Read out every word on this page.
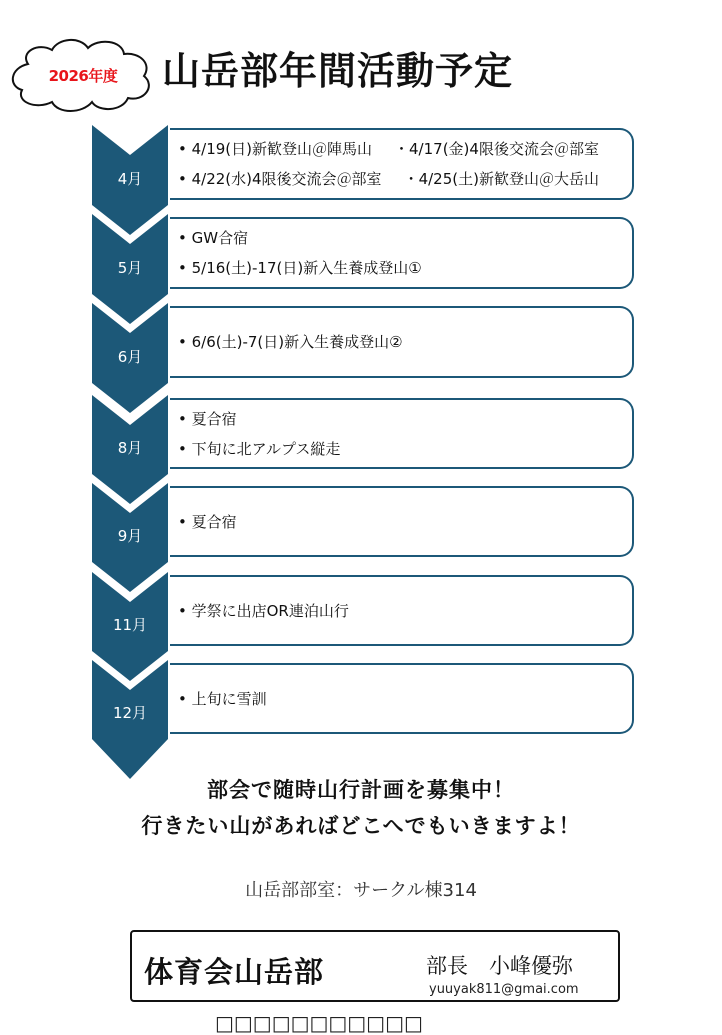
2026年度	山岳部年間活動予定
• 4/19(日)新歓登山＠陣馬山 ・4/17(金)4限後交流会＠部室
• 4/22(水)4限後交流会＠部室 ・4/25(土)新歓登山＠大岳山
• GW合宿
• 5/16(土)-17(日)新入生養成登山①
• 6/6(土)-7(日)新入生養成登山②
• 夏合宿
• 下旬に北アルプス縦走
• 夏合宿
• 学祭に出店OR連泊山行
• 上旬に雪訓
部会で随時山行計画を募集中！
行きたい山があればどこへでもいきますよ！
山岳部部室：サークル棟314
体育会山岳部	部長　小峰優弥
yuuyak811@gmai.com
□□□□□□□□□□□
4月
5月
6月
8月
9月
11月
12月
